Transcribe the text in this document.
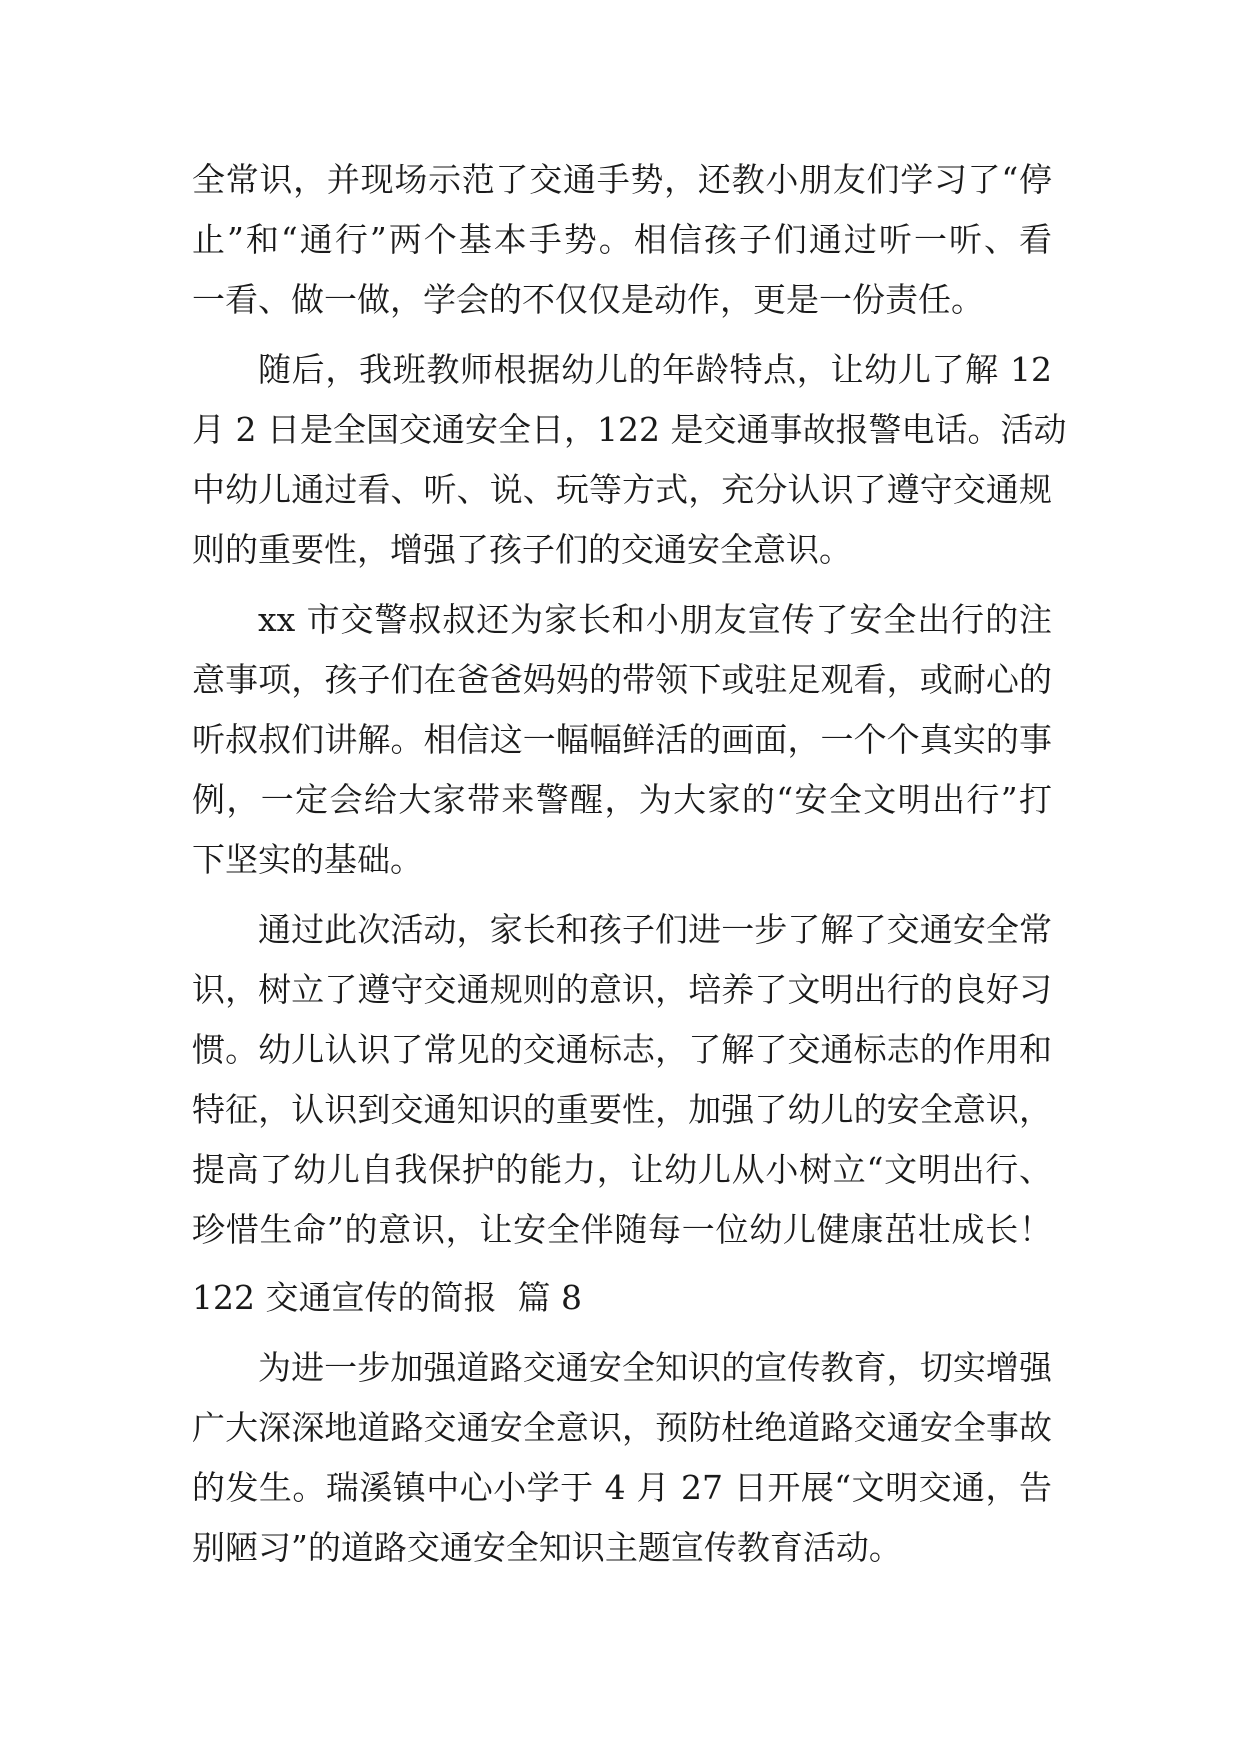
全常识，并现场示范了交通手势，还教小朋友们学习了“停
止”和“通行”两个基本手势。相信孩子们通过听一听、看
一看、做一做，学会的不仅仅是动作，更是一份责任。
随后，我班教师根据幼儿的年龄特点，让幼儿了解 12
月 2 日是全国交通安全日，122 是交通事故报警电话。活动
中幼儿通过看、听、说、玩等方式，充分认识了遵守交通规
则的重要性，增强了孩子们的交通安全意识。
xx 市交警叔叔还为家长和小朋友宣传了安全出行的注
意事项，孩子们在爸爸妈妈的带领下或驻足观看，或耐心的
听叔叔们讲解。相信这一幅幅鲜活的画面，一个个真实的事
例，一定会给大家带来警醒，为大家的“安全文明出行”打
下坚实的基础。
通过此次活动，家长和孩子们进一步了解了交通安全常
识，树立了遵守交通规则的意识，培养了文明出行的良好习
惯。幼儿认识了常见的交通标志，了解了交通标志的作用和
特征，认识到交通知识的重要性，加强了幼儿的安全意识，
提高了幼儿自我保护的能力，让幼儿从小树立“文明出行、
珍惜生命”的意识，让安全伴随每一位幼儿健康茁壮成长！
122 交通宣传的简报  篇 8
为进一步加强道路交通安全知识的宣传教育，切实增强
广大深深地道路交通安全意识，预防杜绝道路交通安全事故
的发生。瑞溪镇中心小学于 4 月 27 日开展“文明交通，告
别陋习”的道路交通安全知识主题宣传教育活动。
